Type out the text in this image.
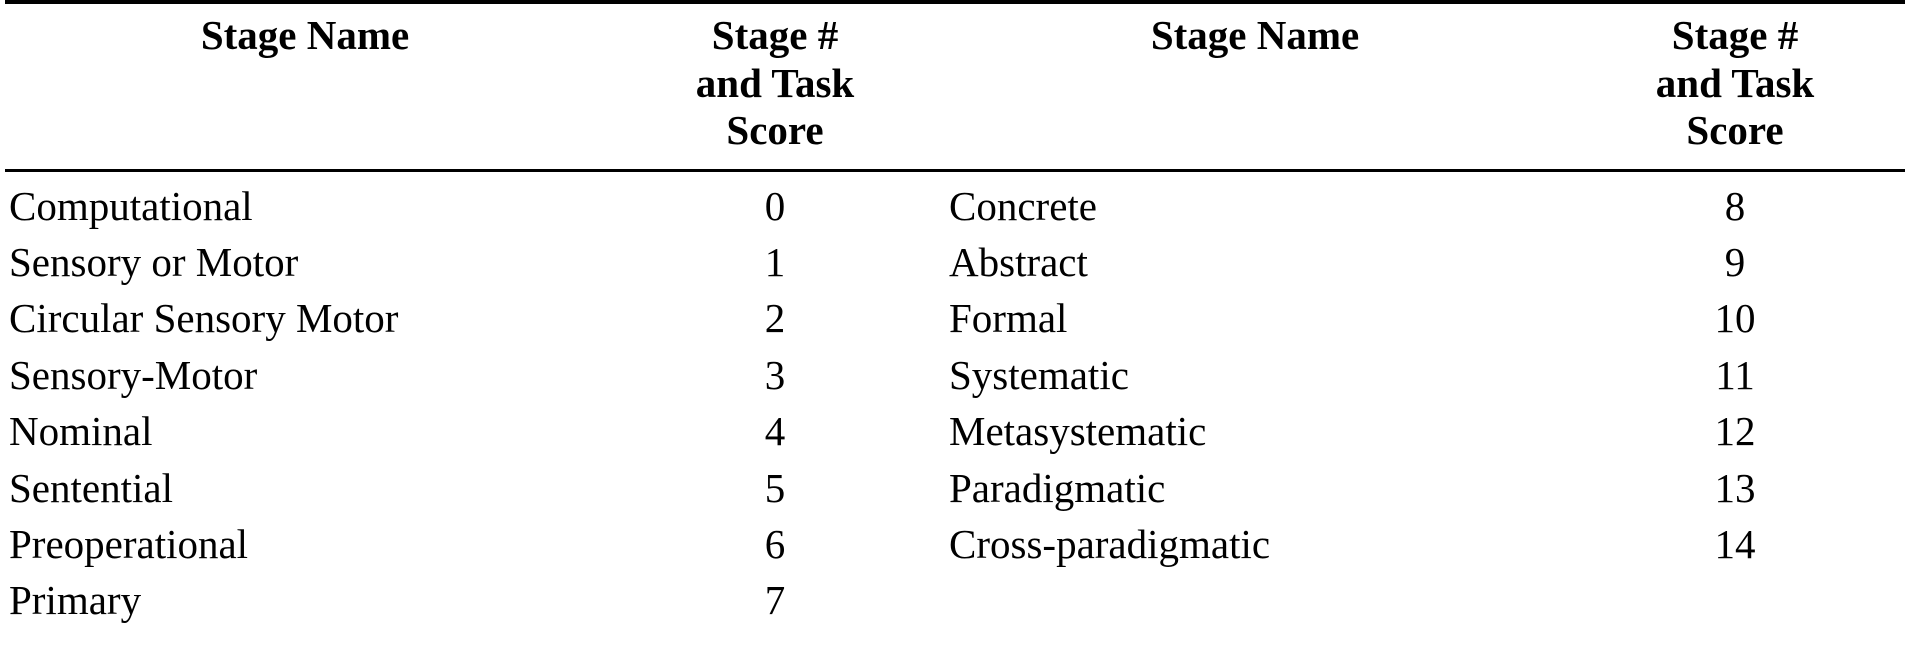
Stage Name	Stage #
and Task
Score	Stage Name	Stage #
and Task
Score

Computational	0	Concrete	8
Sensory or Motor	1	Abstract	9
Circular Sensory Motor	2	Formal	10
Sensory-Motor	3	Systematic	11
Nominal	4	Metasystematic	12
Sentential	5	Paradigmatic	13
Preoperational	6	Cross-paradigmatic	14
Primary	7		
